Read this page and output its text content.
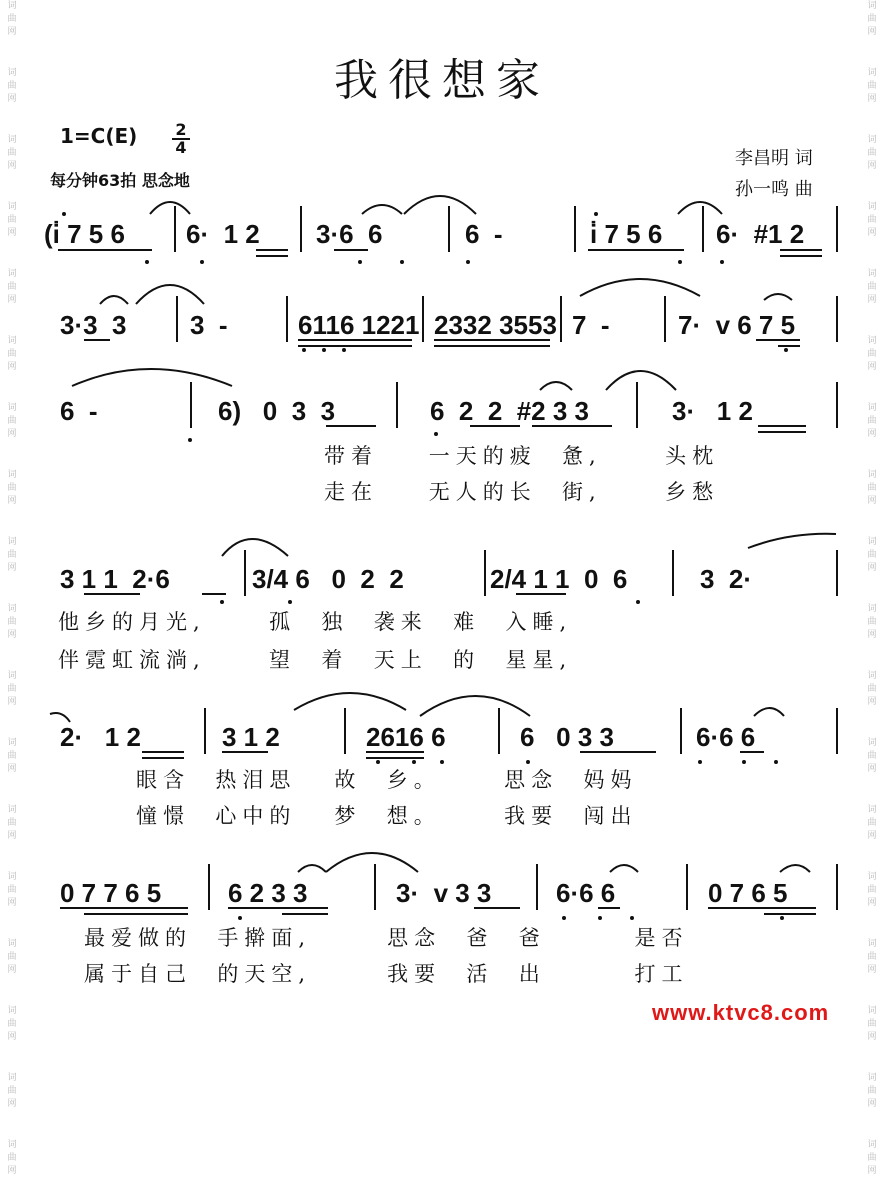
词
曲
网
词
曲
网
词
曲
网
词
曲
网
词
曲
网
词
曲
网
词
曲
网
词
曲
网
词
曲
网
词
曲
网
词
曲
网
词
曲
网
词
曲
网
词
曲
网
词
曲
网
词
曲
网
词
曲
网
词
曲
网
词
曲
网
词
曲
网
词
曲
网
词
曲
网
词
曲
网
词
曲
网
词
曲
网
词
曲
网
词
曲
网
词
曲
网
词
曲
网
词
曲
网
词
曲
网
词
曲
网
词
曲
网
词
曲
网
词
曲
网
词
曲
网
我很想家
1=C(E) 2
4
每分钟63拍 思念地
李昌明 词
孙一鸣 曲
(i̇ 7 5 6 6·  1 2 3·6  6	6  -	i̇ 7 5 6 6·  #1 2
3·3  3 3  -	6116 1221 2332 3553 7  -	7·  v 6 7 5
6  -	6)   0  3  3	6  2  2  #2 3 3	3·   1 2
带着    一天的疲  惫,     头枕
走在    无人的长  街,     乡愁
3 1 1  2·6	3/4 6   0  2  2	2/4 1 1  0  6	3  2·
他乡的月光,     孤  独  袭来  难  入睡,
伴霓虹流淌,     望  着  天上  的  星星,
2·   1 2	3 1 2	2616 6	6   0 3 3	6·6 6
眼含  热泪思   故  乡。     思念  妈妈
憧憬  心中的   梦  想。     我要  闯出
0 7 7 6 5	6 2 3 3	3·  v 3 3 6·6 6	0 7 6 5
最爱做的  手擀面,      思念  爸  爸       是否
属于自己  的天空,      我要  活  出       打工
www.ktvc8.com
